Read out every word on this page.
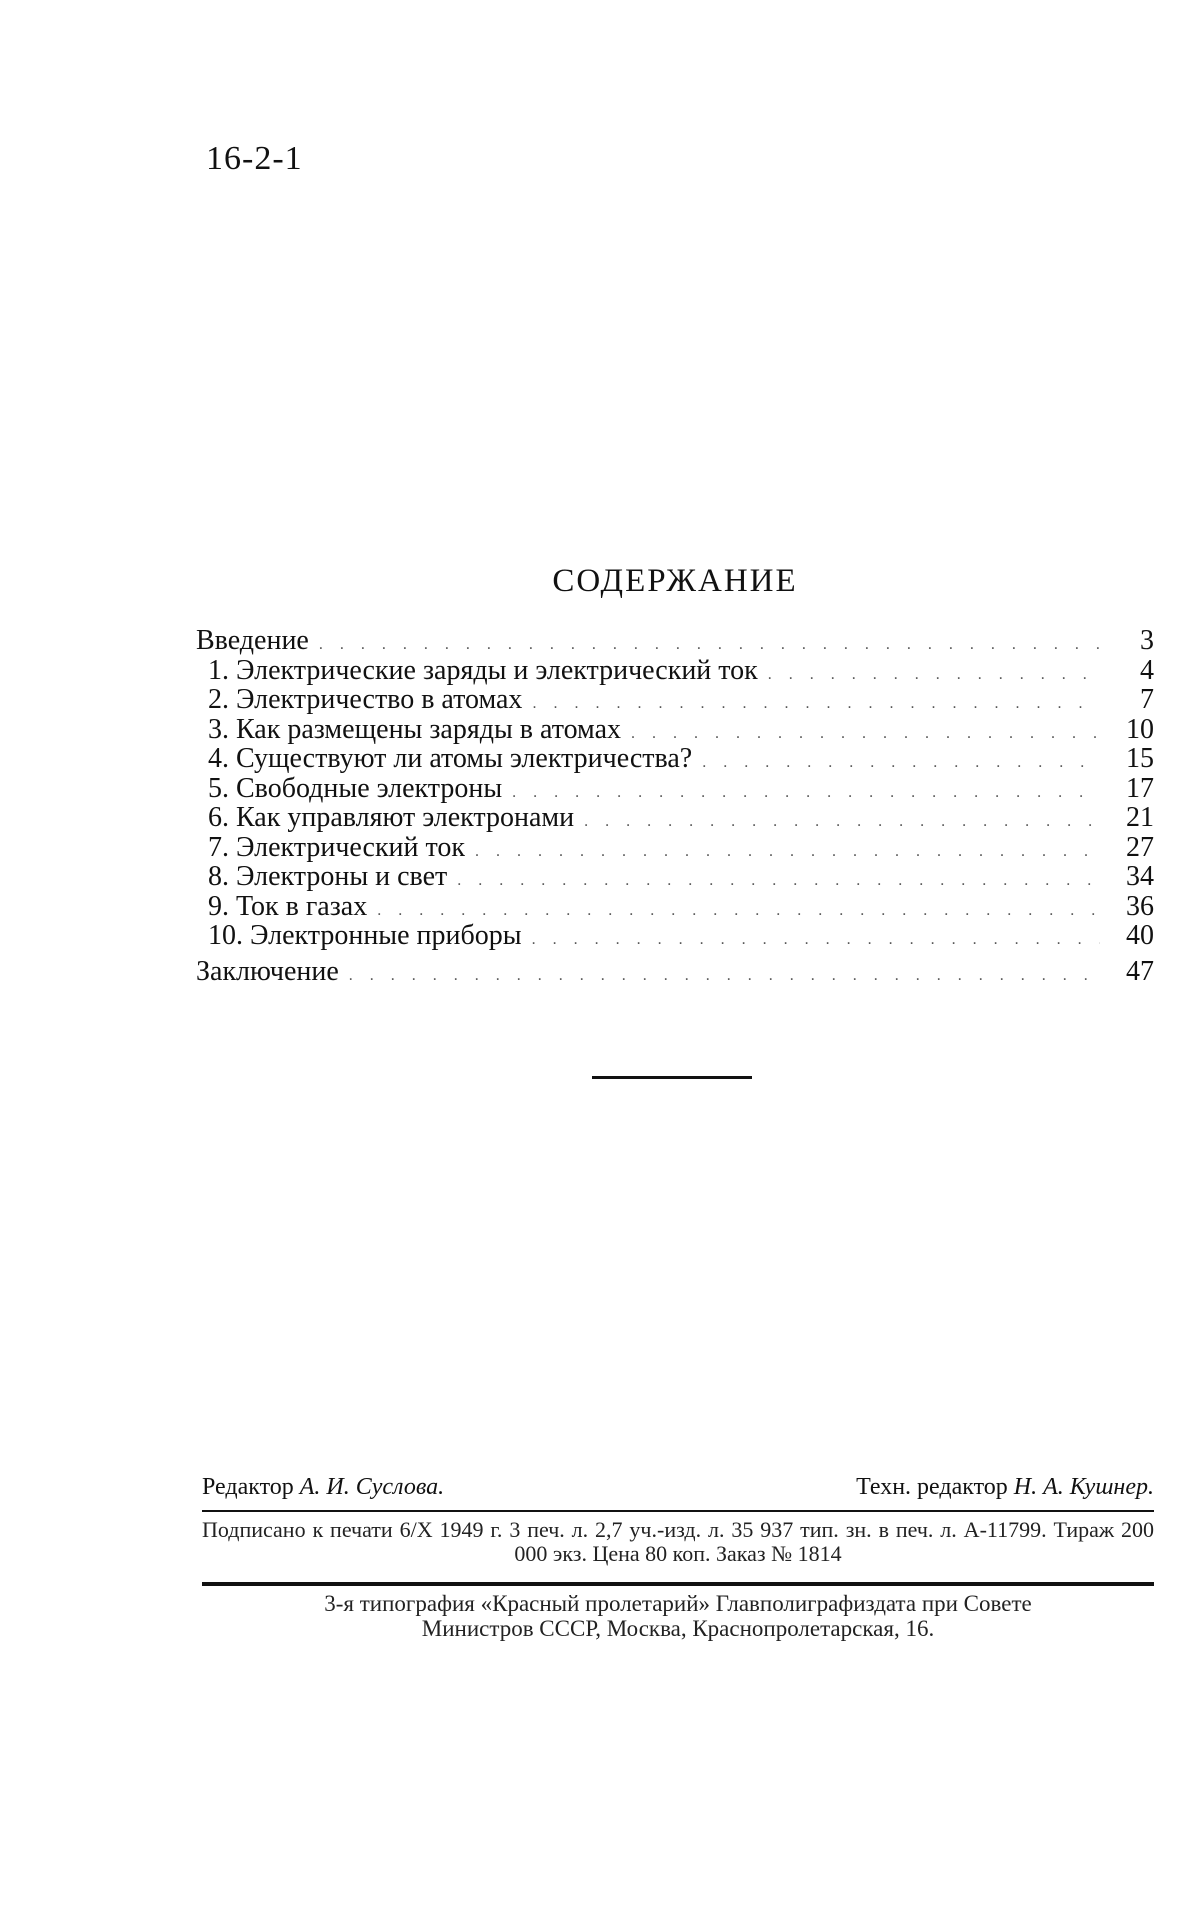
16-2-1
СОДЕРЖАНИЕ
Введение .....	3
1. Электрические заряды и электрический ток .....	4
2. Электричество в атомах .....	7
3. Как размещены заряды в атомах .....	10
4. Существуют ли атомы электричества? .....	15
5. Свободные электроны .....	17
6. Как управляют электронами .....	21
7. Электрический ток .....	27
8. Электроны и свет .....	34
9. Ток в газах .....	36
10. Электронные приборы .....	40
Заключение .....	47
Редактор А. И. Суслова.	Техн. редактор Н. А. Кушнер.
Подписано к печати 6/X 1949 г. 3 печ. л. 2,7 уч.-изд. л. 35 937 тип. зн. в печ. л. А-11799. Тираж 200 000 экз. Цена 80 коп. Заказ № 1814
3-я типография «Красный пролетарий» Главполиграфиздата при Совете
Министров СССР, Москва, Краснопролетарская, 16.
